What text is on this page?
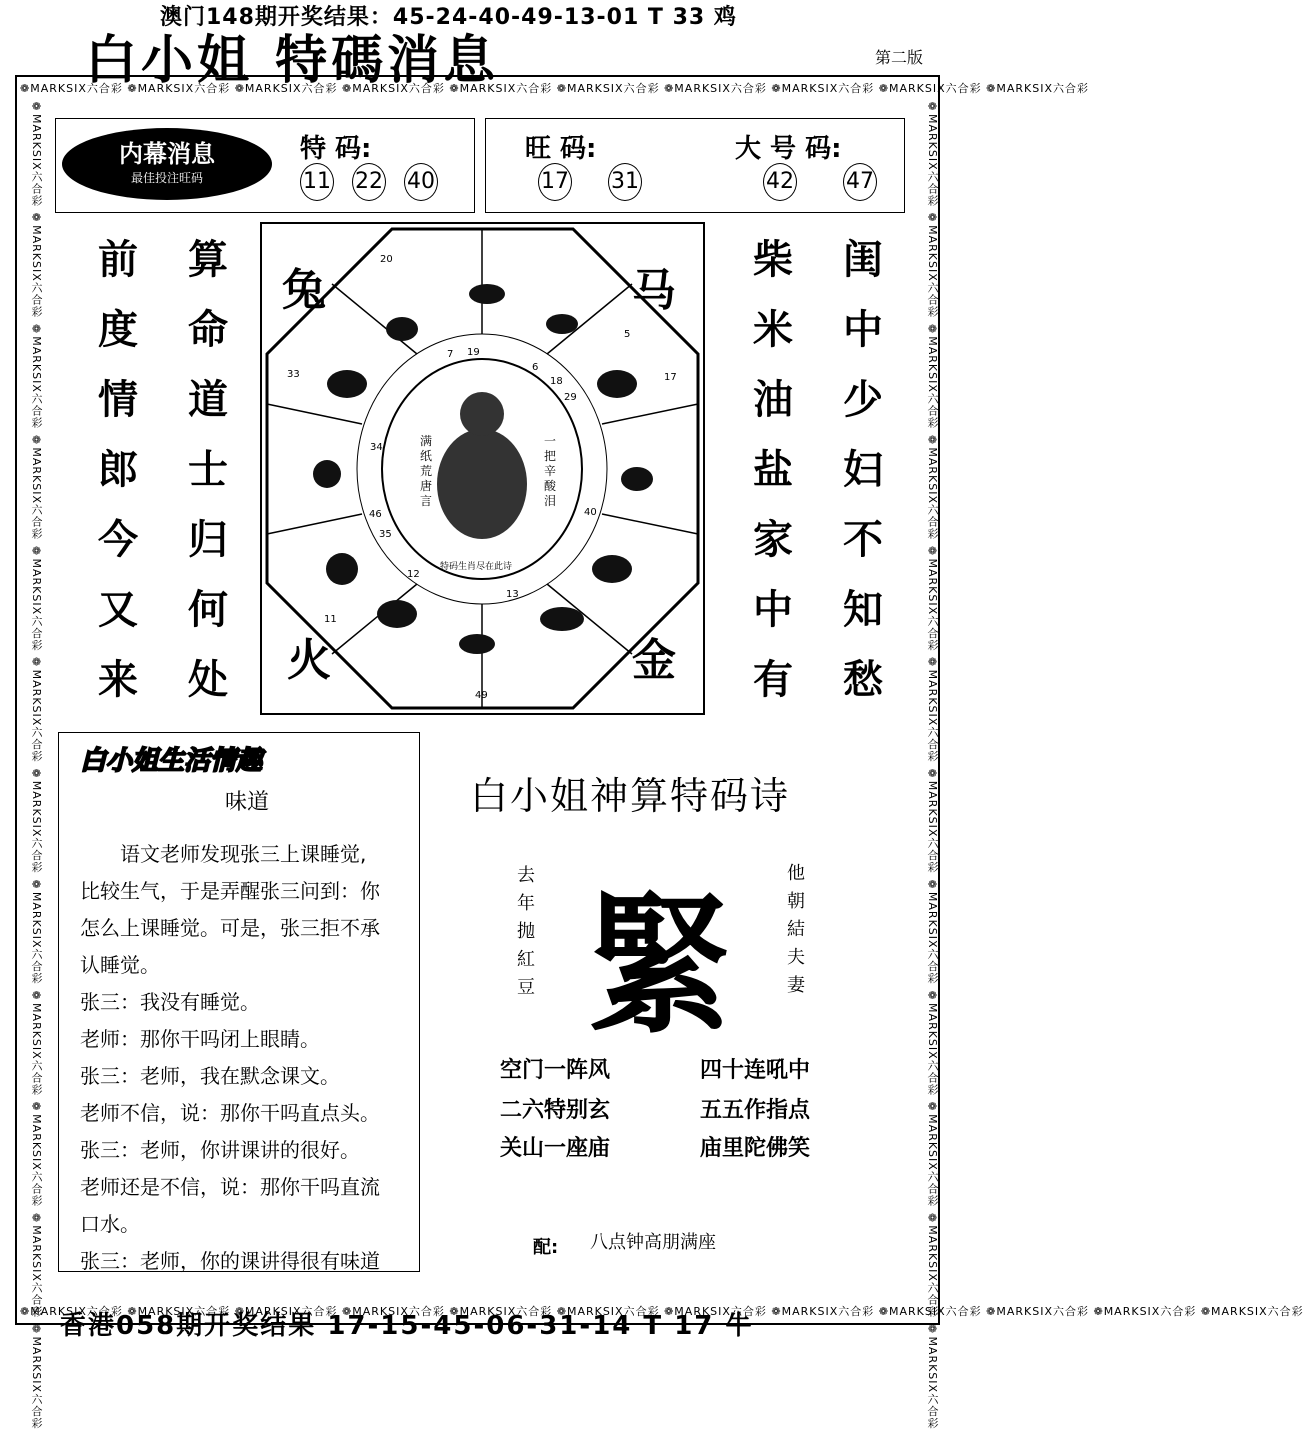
澳门148期开奖结果：45-24-40-49-13-01 T 33 鸡
白小姐 特碼消息	第二版
❁MARKSIX六合彩 ❁MARKSIX六合彩 ❁MARKSIX六合彩 ❁MARKSIX六合彩 ❁MARKSIX六合彩 ❁MARKSIX六合彩 ❁MARKSIX六合彩 ❁MARKSIX六合彩 ❁MARKSIX六合彩 ❁MARKSIX六合彩
❁MARKSIX六合彩 ❁MARKSIX六合彩 ❁MARKSIX六合彩 ❁MARKSIX六合彩 ❁MARKSIX六合彩 ❁MARKSIX六合彩 ❁MARKSIX六合彩 ❁MARKSIX六合彩 ❁MARKSIX六合彩 ❁MARKSIX六合彩 ❁MARKSIX六合彩 ❁MARKSIX六合彩
❁MARKSIX六合彩 ❁MARKSIX六合彩 ❁MARKSIX六合彩 ❁MARKSIX六合彩 ❁MARKSIX六合彩 ❁MARKSIX六合彩 ❁MARKSIX六合彩 ❁MARKSIX六合彩 ❁MARKSIX六合彩 ❁MARKSIX六合彩 ❁MARKSIX六合彩 ❁MARKSIX六合彩	❁MARKSIX六合彩 ❁MARKSIX六合彩 ❁MARKSIX六合彩 ❁MARKSIX六合彩 ❁MARKSIX六合彩 ❁MARKSIX六合彩 ❁MARKSIX六合彩 ❁MARKSIX六合彩 ❁MARKSIX六合彩 ❁MARKSIX六合彩 ❁MARKSIX六合彩 ❁MARKSIX六合彩
内幕消息
最佳投注旺码
特 码:
11 22 40
旺 码:
17 31
大 号 码:
42 47
前
度
情
郎
今
又
来
算
命
道
士
归
何
处
柴
米
油
盐
家
中
有
闺
中
少
妇
不
知
愁
兔	马
火	金
满纸荒唐言
一把辛酸泪
特码生肖尽在此诗
20
7 19
6
5
18
29
17
40
13
49
12
35
46
34
33
11
白小姐生活情趣
味道
语文老师发现张三上课睡觉,
比较生气，于是弄醒张三问到：你
怎么上课睡觉。可是，张三拒不承
认睡觉。
张三：我没有睡觉。
老师：那你干吗闭上眼睛。
张三：老师，我在默念课文。
老师不信，说：那你干吗直点头。
张三：老师，你讲课讲的很好。
老师还是不信，说：那你干吗直流
口水。
张三：老师，你的课讲得很有味道
白小姐神算特码诗
緊
去
年
抛
紅
豆
他
朝
結
夫
妻
空门一阵风
二六特别玄
关山一座庙
四十连吼中
五五作指点
庙里陀佛笑
配: 八点钟高朋满座
香港058期开奖结果 17-15-45-06-31-14 T 17 牛
